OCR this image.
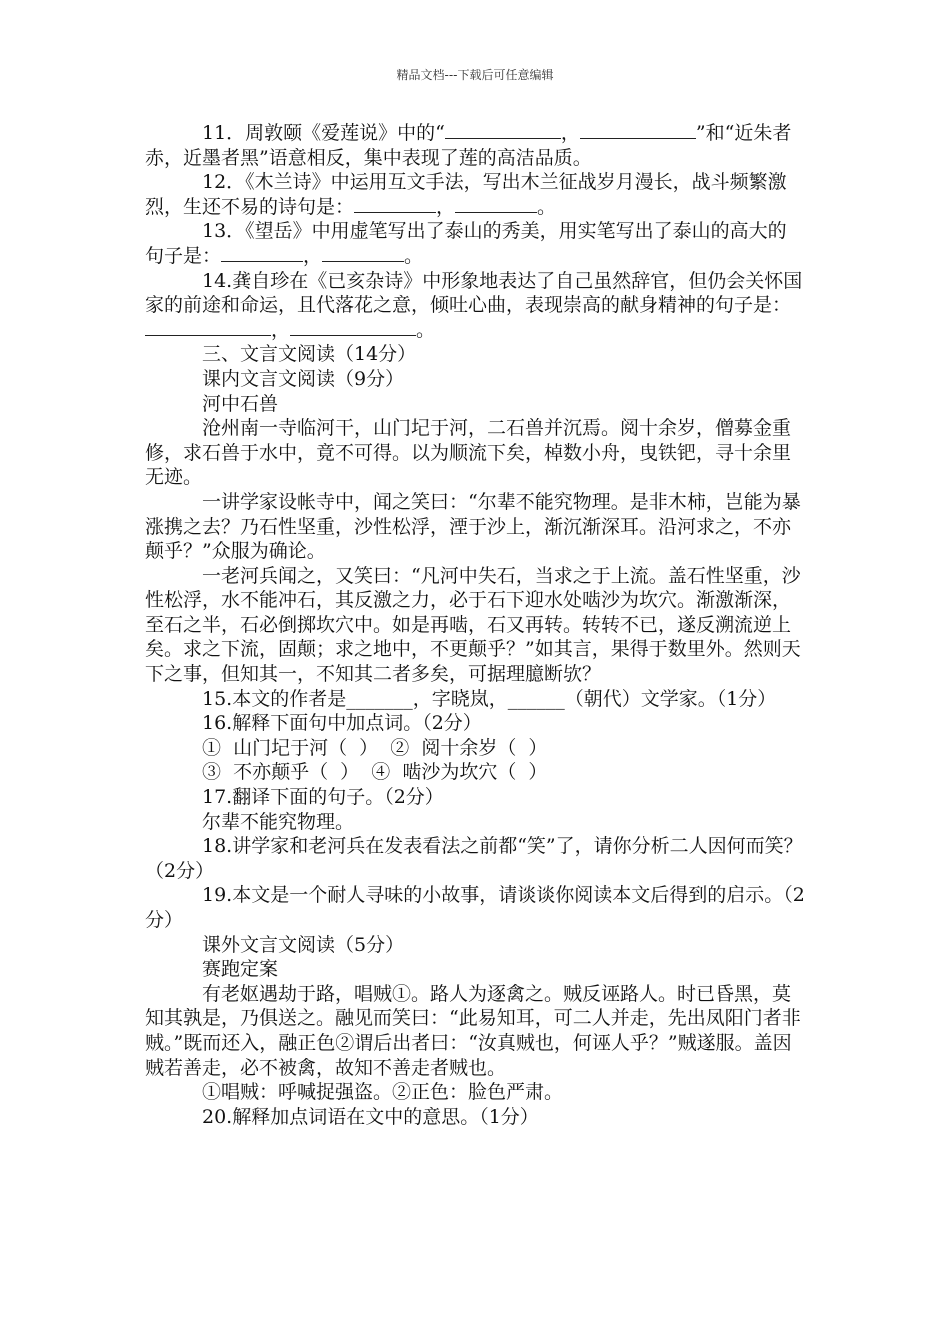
精品文档---下载后可任意编辑

11．周敦颐《爱莲说》中的“	，	”和“近朱者赤，近墨者黑”语意相反，集中表现了莲的高洁品质。

12．《木兰诗》中运用互文手法，写出木兰征战岁月漫长，战斗频繁激烈，生还不易的诗句是：	，	。

13．《望岳》中用虚笔写出了泰山的秀美，用实笔写出了泰山的高大的句子是：	，	。

14.龚自珍在《已亥杂诗》中形象地表达了自己虽然辞官，但仍会关怀国家的前途和命运，且代落花之意，倾吐心曲，表现崇高的献身精神的句子是：，	。

三、文言文阅读（14分）

课内文言文阅读（9分）

河中石兽

沧州南一寺临河干，山门圮于河，二石兽并沉焉。阅十余岁，僧募金重修，求石兽于水中，竟不可得。以为顺流下矣，棹数小舟，曳铁钯，寻十余里无迹。

一讲学家设帐寺中，闻之笑曰：“尔辈不能究物理。是非木柿，岂能为暴涨携之去？乃石性坚重，沙性松浮，湮于沙上，渐沉渐深耳。沿河求之，不亦颠乎？”众服为确论。

一老河兵闻之，又笑曰：“凡河中失石，当求之于上流。盖石性坚重，沙性松浮，水不能冲石，其反激之力，必于石下迎水处啮沙为坎穴。渐激渐深，至石之半，石必倒掷坎穴中。如是再啮，石又再转。转转不已，遂反溯流逆上矣。求之下流，固颠；求之地中，不更颠乎？”如其言，果得于数里外。然则天下之事，但知其一，不知其二者多矣，可据理臆断欤？

15.本文的作者是_______，字晓岚，______（朝代）文学家。（1分）

16.解释下面句中加点词。（2分）

①  山门圮于河（  ）  ②  阅十余岁（  ）

③  不亦颠乎（  ）  ④  啮沙为坎穴（  ）

17.翻译下面的句子。（2分）

尔辈不能究物理。

18.讲学家和老河兵在发表看法之前都“笑”了，请你分析二人因何而笑？（2分）

19.本文是一个耐人寻味的小故事，请谈谈你阅读本文后得到的启示。（2分）

课外文言文阅读（5分）

赛跑定案

有老妪遇劫于路，唱贼①。路人为逐禽之。贼反诬路人。时已昏黑，莫知其孰是，乃俱送之。融见而笑曰：“此易知耳，可二人并走，先出凤阳门者非贼。”既而还入，融正色②谓后出者曰：“汝真贼也，何诬人乎？”贼遂服。盖因贼若善走，必不被禽，故知不善走者贼也。

①唱贼：呼喊捉强盗。②正色：脸色严肃。

20.解释加点词语在文中的意思。（1分）
